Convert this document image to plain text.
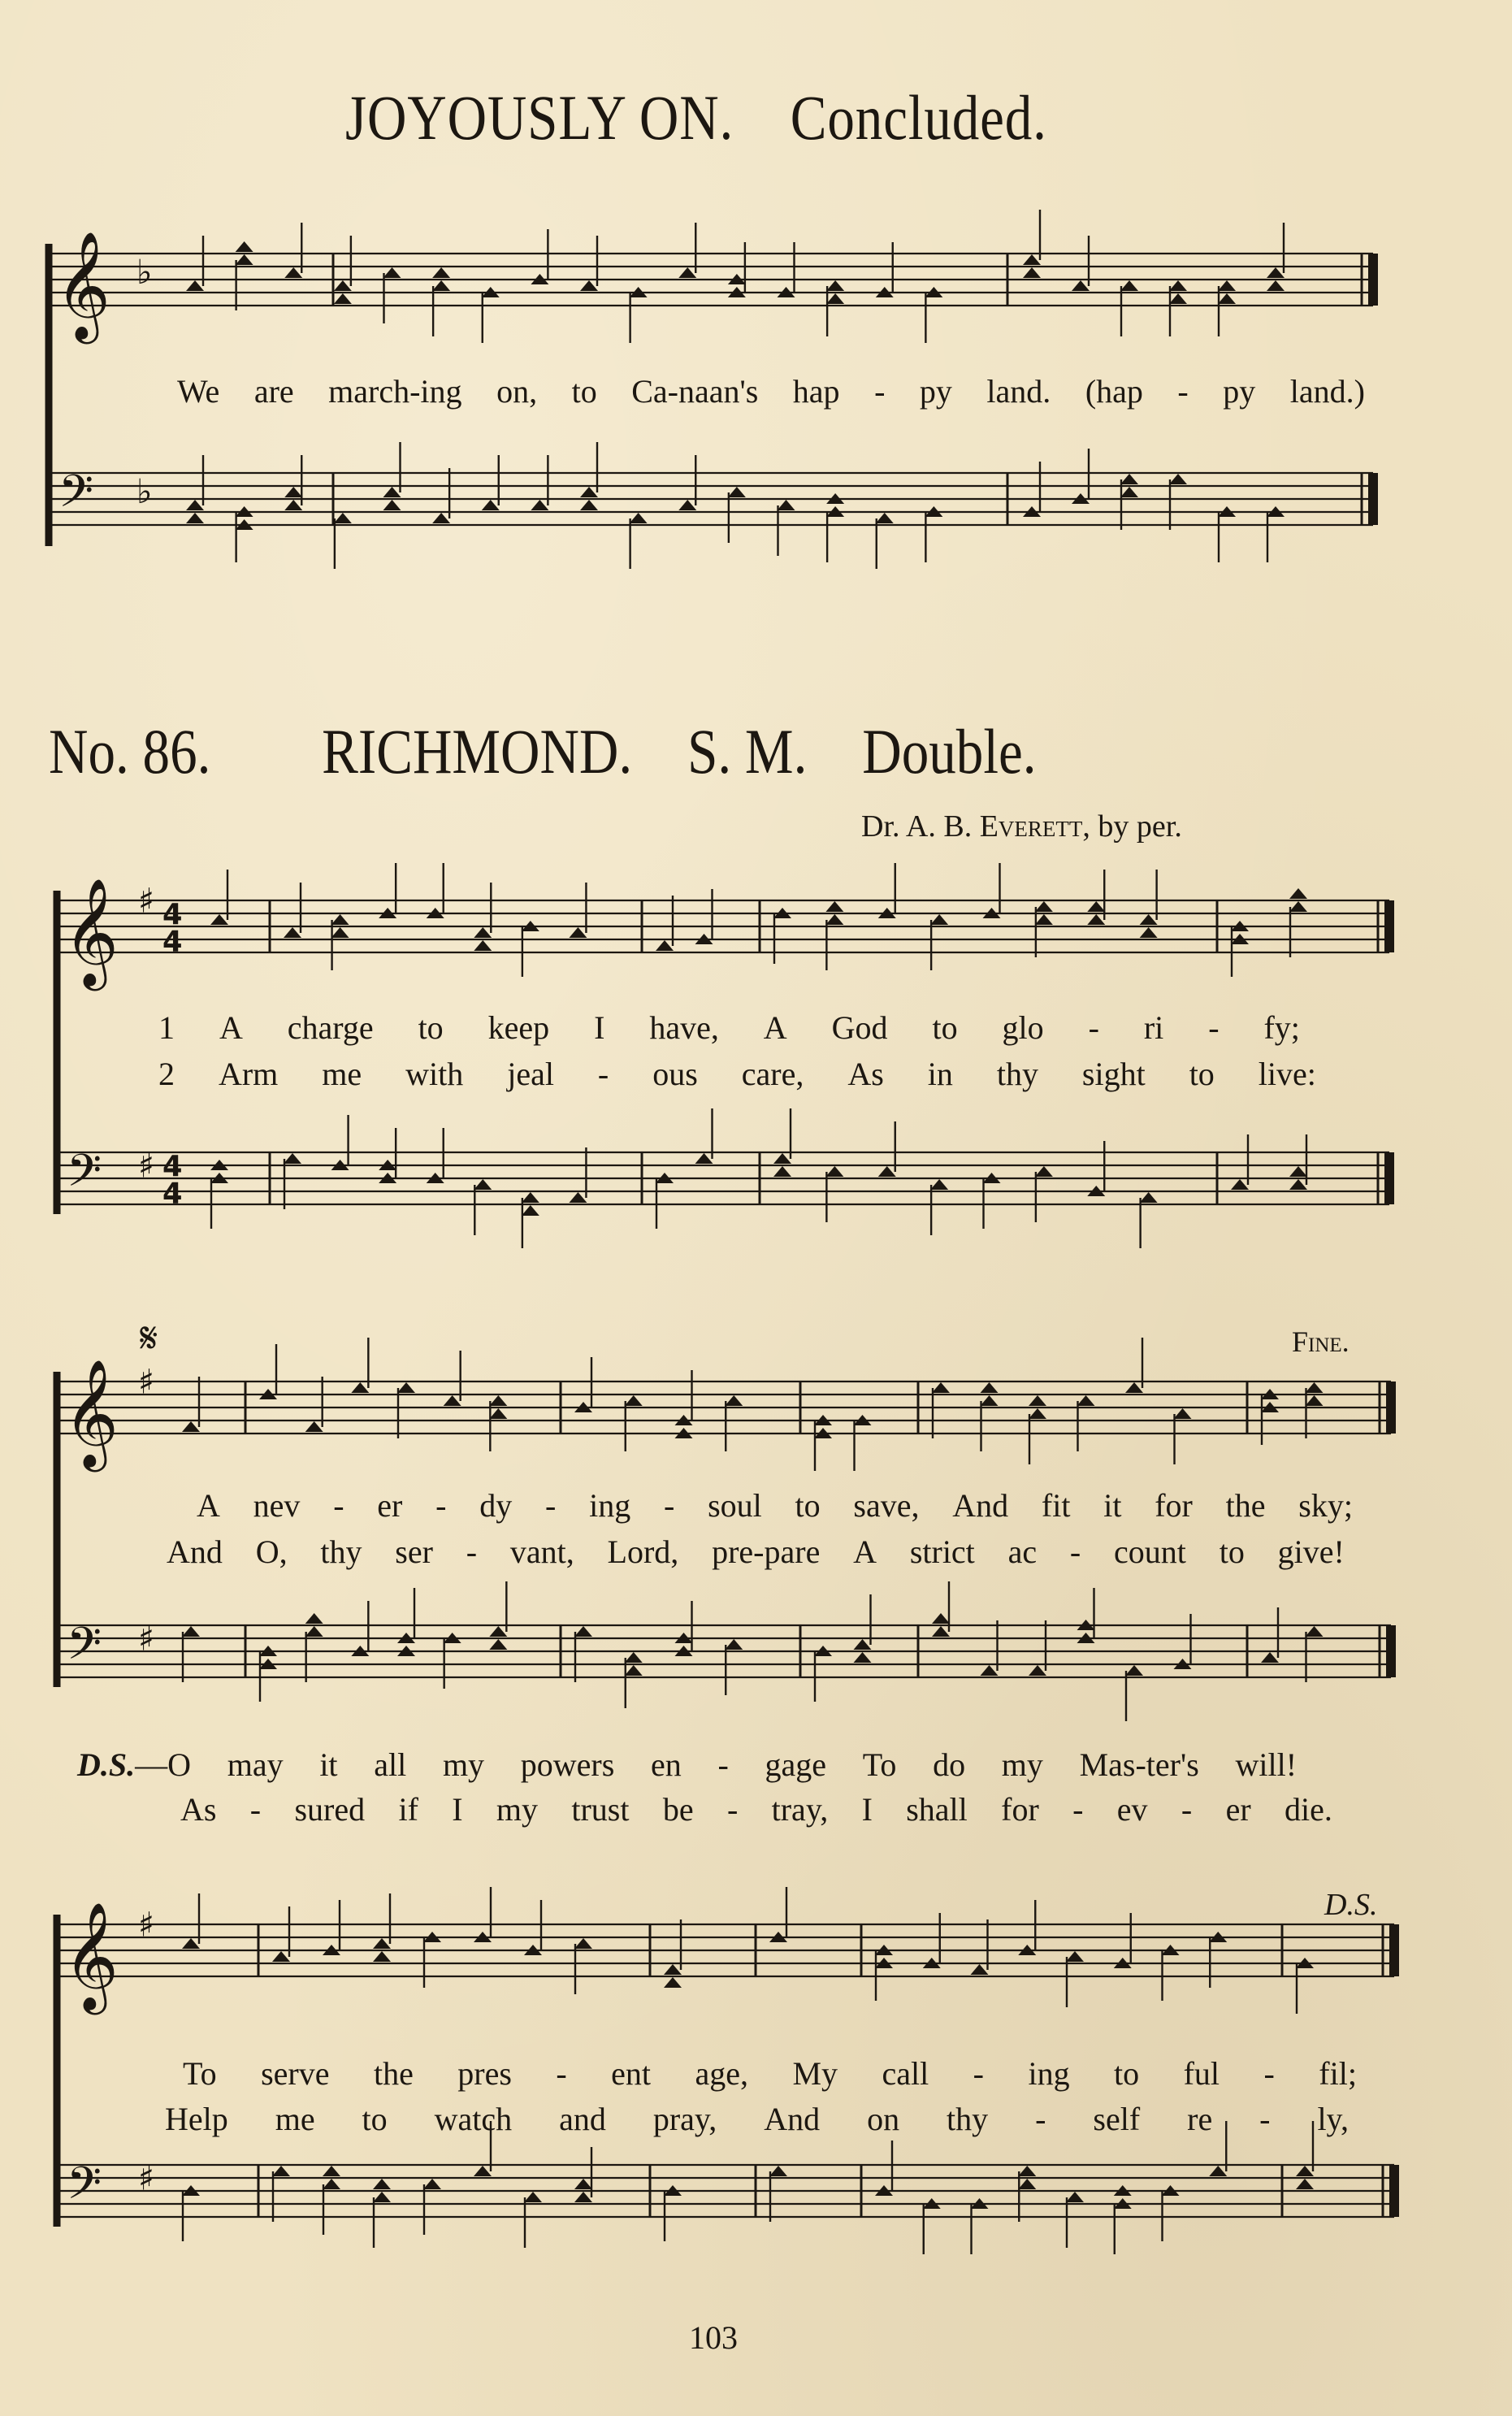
JOYOUSLY ON. Concluded.
No. 86. RICHMOND. S. M. Double.
Dr. A. B. Everett, by per.
𝄞
𝄢
♭
♭
𝄞
𝄢
♯
♯
4
4
4
4
𝄞
𝄢
♯
♯
𝄞
𝄢
♯
♯
𝄋	Fine.
D.S.
We are march-ing on, to Ca-naan's hap - py land. (hap - py land.)
1 A charge to keep I have, A God to glo - ri - fy;
2 Arm me with jeal - ous care, As in thy sight to live:
A nev - er - dy - ing - soul to save, And fit it for the sky;
And O, thy ser - vant, Lord, pre-pare A strict ac - count to give!
D.S. —O may it all my powers en - gage To do my Mas-ter's will!
As - sured if I my trust be - tray, I shall for - ev - er die.
To serve the pres - ent age, My call - ing to ful - fil;
Help me to watch and pray, And on thy - self re - ly,
103
